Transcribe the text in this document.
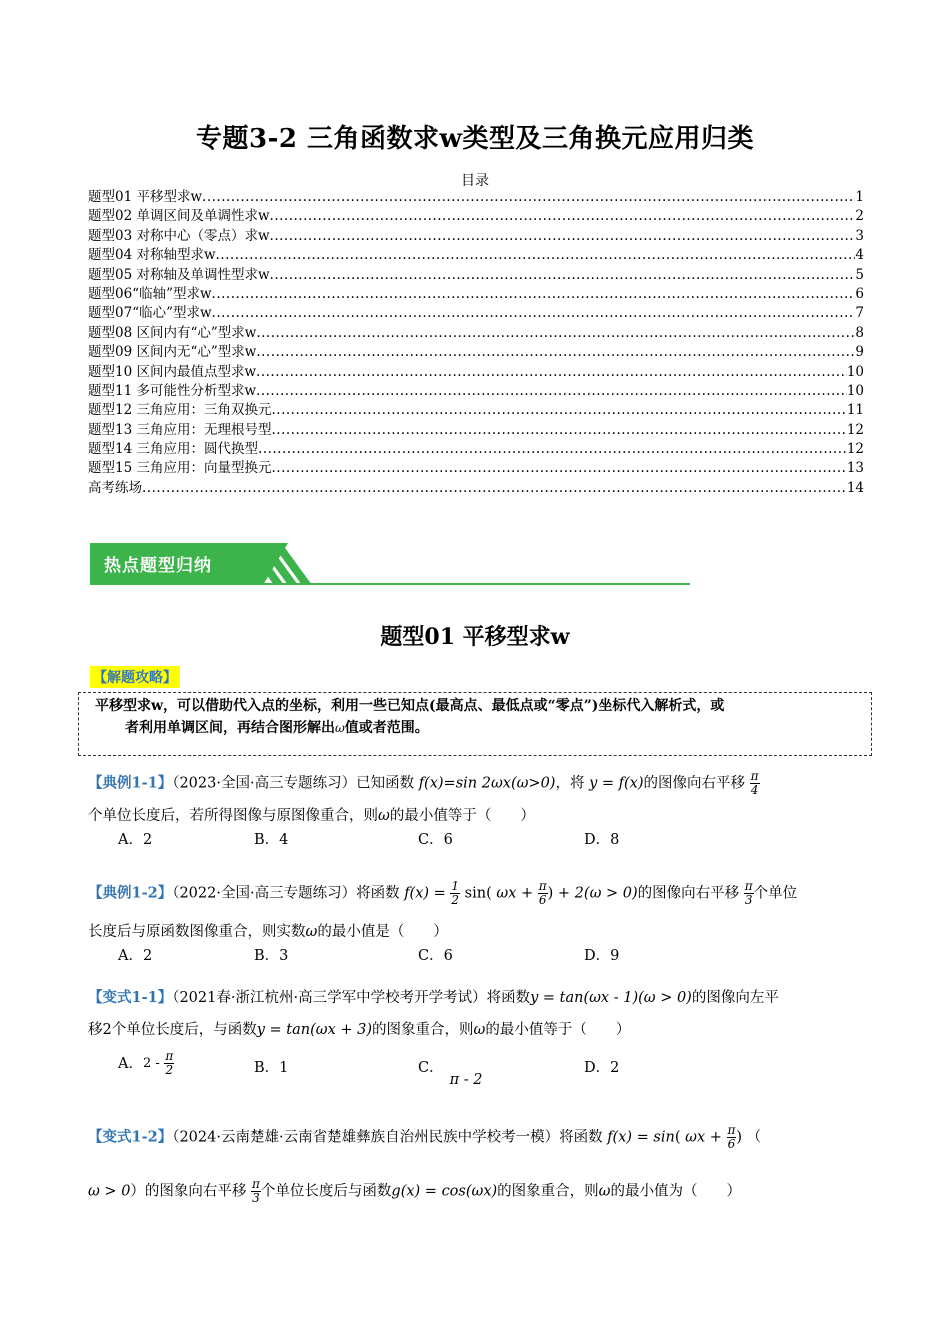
专题3-2 三角函数求w类型及三角换元应用归类
目录
题型01 平移型求w .....	1
题型02 单调区间及单调性求w .....	2
题型03 对称中心（零点）求w .....	3
题型04 对称轴型求w .....	4
题型05 对称轴及单调性型求w .....	5
题型06“临轴”型求w .....	6
题型07“临心”型求w .....	7
题型08 区间内有“心”型求w .....	8
题型09 区间内无“心”型求w .....	9
题型10 区间内最值点型求w .....	10
题型11 多可能性分析型求w .....	10
题型12 三角应用：三角双换元 .....	11
题型13 三角应用：无理根号型 .....	12
题型14 三角应用：圆代换型 .....	12
题型15 三角应用：向量型换元 .....	13
高考练场 .....	14
热点题型归纳
题型01 平移型求w
【解题攻略】
平移型求w，可以借助代入点的坐标，利用一些已知点(最高点、最低点或“零点”)坐标代入解析式，或
者利用单调区间，再结合图形解出ω值或者范围。
【典例1-1】（2023·全国·高三专题练习）已知函数 f(x)=sin 2ωx(ω>0)，将 y = f(x)的图像向右平移 $\frac{\pi}{4}$
个单位长度后，若所得图像与原图像重合，则ω的最小值等于（　　）
A．2	B．4	C．6	D．8
【典例1-2】（2022·全国·高三专题练习）将函数 $f(x) = \frac{1}{2} \sin$( $\omega x + \frac{\pi}{6}$ ) + 2(ω > 0)的图像向右平移 $\frac{\pi}{3}$ 个单位
长度后与原函数图像重合，则实数ω的最小值是（　　）
A．2	B．3	C．6	D．9
【变式1-1】（2021春·浙江杭州·高三学军中学校考开学考试）将函数y = tan(ωx - 1)(ω > 0)的图像向左平
移2个单位长度后，与函数y = tan(ωx + 3)的图象重合，则ω的最小值等于（　　）
A．$2 - \frac{\pi}{2}$	B．1	C．π - 2
D．2
【变式1-2】（2024·云南楚雄·云南省楚雄彝族自治州民族中学校考一模）将函数 f(x) = sin( $\omega x + \frac{\pi}{6}$ ) （
ω > 0）的图象向右平移 $\frac{\pi}{3}$ 个单位长度后与函数g(x) = cos(ωx)的图象重合，则ω的最小值为（　　）
